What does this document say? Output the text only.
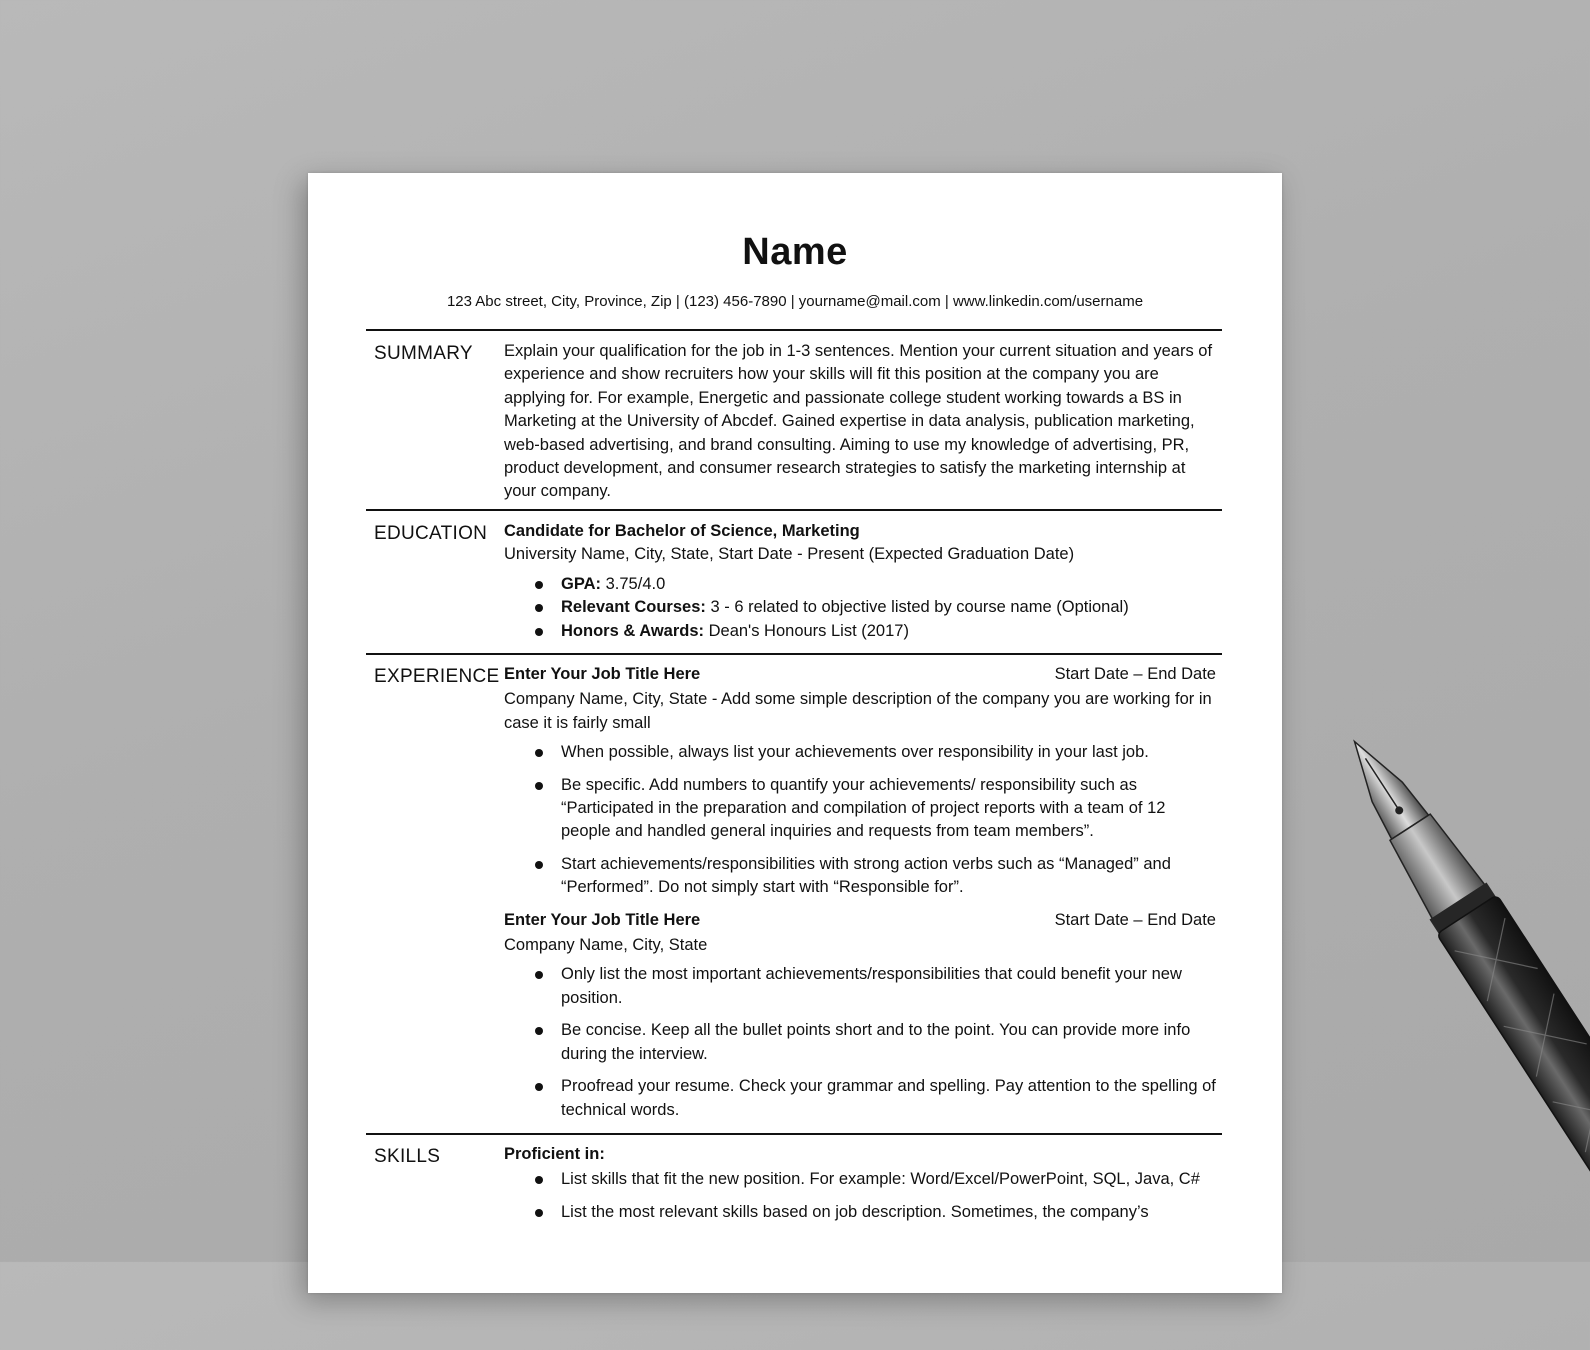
Name
123 Abc street, City, Province, Zip | (123) 456-7890 | yourname@mail.com | www.linkedin.com/username
SUMMARY Explain your qualification for the job in 1-3 sentences. Mention your current situation and years of experience and show recruiters how your skills will fit this position at the company you are applying for. For example, Energetic and passionate college student working towards a BS in Marketing at the University of Abcdef. Gained expertise in data analysis, publication marketing, web-based advertising, and brand consulting. Aiming to use my knowledge of advertising, PR, product development, and consumer research strategies to satisfy the marketing internship at your company.

EDUCATION Candidate for Bachelor of Science, Marketing
University Name, City, State, Start Date - Present (Expected Graduation Date)
GPA: 3.75/4.0
Relevant Courses: 3 - 6 related to objective listed by course name (Optional)
Honors & Awards: Dean's Honours List (2017)
EXPERIENCE Enter Your Job Title Here	Start Date – End Date
Company Name, City, State - Add some simple description of the company you are working for in case it is fairly small
When possible, always list your achievements over responsibility in your last job.
Be specific. Add numbers to quantify your achievements/ responsibility such as “Participated in the preparation and compilation of project reports with a team of 12 people and handled general inquiries and requests from team members”.
Start achievements/responsibilities with strong action verbs such as “Managed” and “Performed”. Do not simply start with “Responsible for”.
Enter Your Job Title Here	Start Date – End Date
Company Name, City, State
Only list the most important achievements/responsibilities that could benefit your new position.
Be concise. Keep all the bullet points short and to the point. You can provide more info during the interview.
Proofread your resume. Check your grammar and spelling. Pay attention to the spelling of technical words.
SKILLS	Proficient in:
List skills that fit the new position. For example: Word/Excel/PowerPoint, SQL, Java, C#
List the most relevant skills based on job description. Sometimes, the company’s
